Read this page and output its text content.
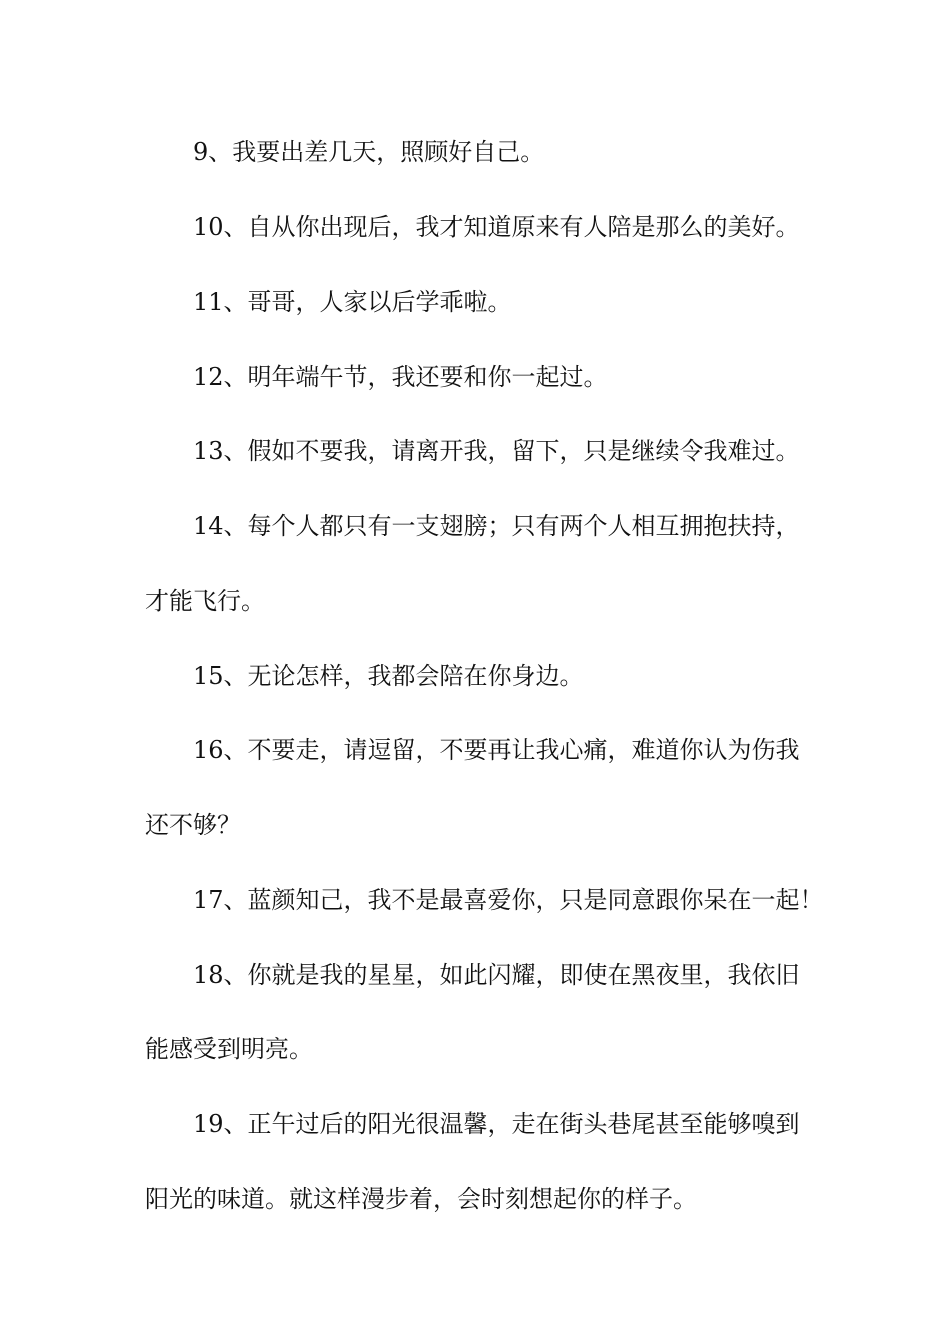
9、我要出差几天，照顾好自己。
10、自从你出现后，我才知道原来有人陪是那么的美好。
11、哥哥，人家以后学乖啦。
12、明年端午节，我还要和你一起过。
13、假如不要我，请离开我，留下，只是继续令我难过。
14、每个人都只有一支翅膀；只有两个人相互拥抱扶持，
才能飞行。
15、无论怎样，我都会陪在你身边。
16、不要走，请逗留，不要再让我心痛，难道你认为伤我
还不够？
17、蓝颜知己，我不是最喜爱你，只是同意跟你呆在一起！
18、你就是我的星星，如此闪耀，即使在黑夜里，我依旧
能感受到明亮。
19、正午过后的阳光很温馨，走在街头巷尾甚至能够嗅到
阳光的味道。就这样漫步着，会时刻想起你的样子。
